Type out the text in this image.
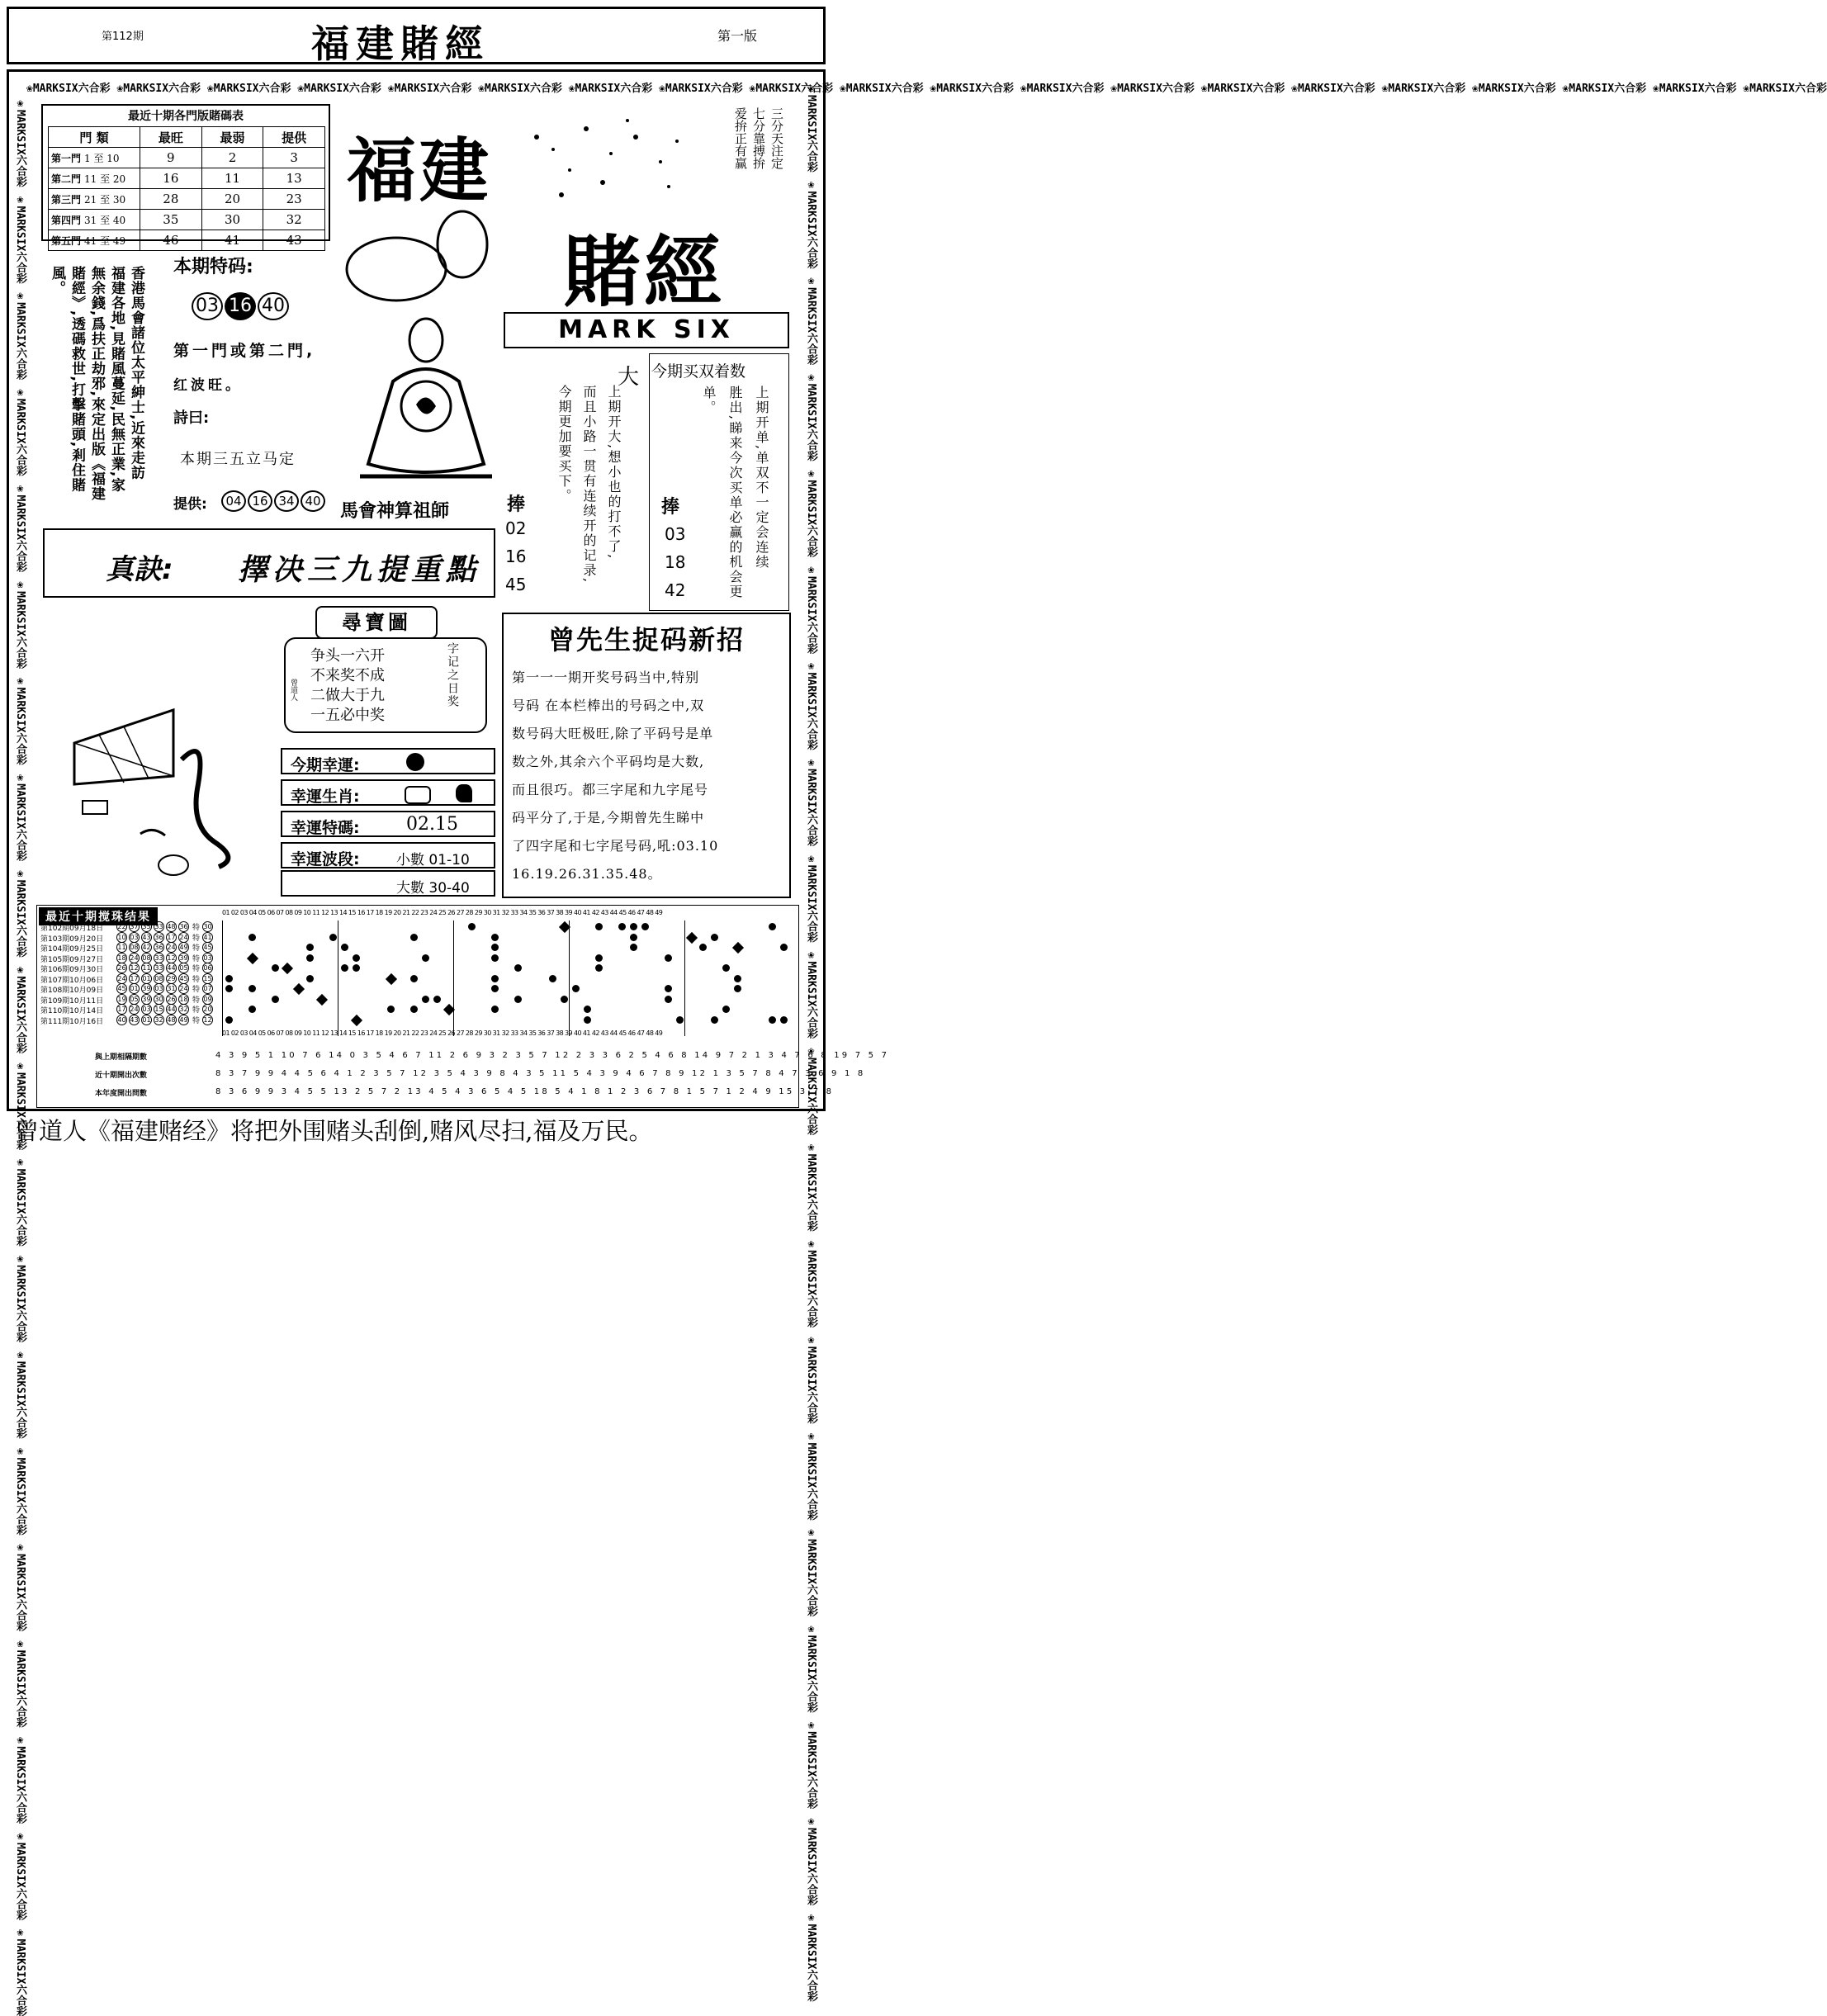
第112期	福建賭經	第一版
❀MARKSIX六合彩 ❀MARKSIX六合彩 ❀MARKSIX六合彩 ❀MARKSIX六合彩 ❀MARKSIX六合彩 ❀MARKSIX六合彩 ❀MARKSIX六合彩 ❀MARKSIX六合彩 ❀MARKSIX六合彩 ❀MARKSIX六合彩 ❀MARKSIX六合彩 ❀MARKSIX六合彩 ❀MARKSIX六合彩 ❀MARKSIX六合彩 ❀MARKSIX六合彩 ❀MARKSIX六合彩 ❀MARKSIX六合彩 ❀MARKSIX六合彩 ❀MARKSIX六合彩 ❀MARKSIX六合彩
❀MARKSIX六合彩 ❀MARKSIX六合彩 ❀MARKSIX六合彩 ❀MARKSIX六合彩 ❀MARKSIX六合彩 ❀MARKSIX六合彩 ❀MARKSIX六合彩 ❀MARKSIX六合彩 ❀MARKSIX六合彩 ❀MARKSIX六合彩 ❀MARKSIX六合彩 ❀MARKSIX六合彩 ❀MARKSIX六合彩 ❀MARKSIX六合彩 ❀MARKSIX六合彩 ❀MARKSIX六合彩 ❀MARKSIX六合彩 ❀MARKSIX六合彩 ❀MARKSIX六合彩 ❀MARKSIX六合彩	❀MARKSIX六合彩 ❀MARKSIX六合彩 ❀MARKSIX六合彩 ❀MARKSIX六合彩 ❀MARKSIX六合彩 ❀MARKSIX六合彩 ❀MARKSIX六合彩 ❀MARKSIX六合彩 ❀MARKSIX六合彩 ❀MARKSIX六合彩 ❀MARKSIX六合彩 ❀MARKSIX六合彩 ❀MARKSIX六合彩 ❀MARKSIX六合彩 ❀MARKSIX六合彩 ❀MARKSIX六合彩 ❀MARKSIX六合彩 ❀MARKSIX六合彩 ❀MARKSIX六合彩 ❀MARKSIX六合彩
最近十期各門版賭碼表
門 類	最旺	最弱	提供
第一門 1 至 10	9	2	3
第二門 11 至 20	16	11	13
第三門 21 至 30	28	20	23
第四門 31 至 40	35	30	32
第五門 41 至 49	46	41	43
福建
賭經
三分天注定
七分靠搏拚
爱拚正有赢
香港馬會諸位太平紳士,近來走訪
福建各地,見賭風蔓延,民無正業,家
無余錢,爲扶正劫邪,來定出版《福建
賭經》,透碼救世,打擊賭頭,剎住賭
風。	本期特码:
03 16 40
第一門或第二門,
红波旺。
詩曰:
本期三五立马定
提供:	04 16 34 40	馬會神算祖師
MARK SIX
大
上期开大,想小也的打不了,
而且小路一贯有连续开的记录,
今期更加要买下。
捧
02
16
45
今期买双着数
上期开单,单双不一定会连续
胜出,睇来今次买单必赢的机会更
单。
捧
03
18
42
真訣: 擇决三九提重點
尋寶圖
争头一六开
不来奖不成
二做大于九
一五必中奖
字记之日奖
曾道人
今期幸運:
幸運生肖:
幸運特碼:	02.15
幸運波段:	小數 01-10
大數 30-40
曾先生捉码新招
第一一一期开奖号码当中,特别
号码 在本栏棒出的号码之中,双
数号码大旺极旺,除了平码号是单
数之外,其余六个平码均是大数,
而且很巧。都三字尾和九字尾号
码平分了,于是,今期曾先生睇中
了四字尾和七字尾号码,吼:03.10
16.19.26.31.35.48。
最近十期搅珠结果
第102期09月18日 22 37 35 33 48 36 特 30
第103期09月20日 10 03 43 36 17 24 特 41
第104期09月25日 11 08 42 36 24 49 特 45
第105期09月27日 18 24 08 33 12 39 特 03
第106期09月30日 26 12 11 33 44 05 特 06
第107期10月06日 24 17 01 08 29 45 特 15
第108期10月09日 45 01 39 03 31 24 特 07
第109期10月11日 19 05 39 30 26 18 特 09
第110期10月14日 17 24 03 15 44 32 特 20
第111期10月16日 40 43 01 32 48 49 特 12
01 02 03 04 05 06 07 08 09 10 11 12 13 14 15 16 17 18 19 20 21 22 23 24 25 26 27 28 29 30 31 32 33 34 35 36 37 38 39 40 41 42 43 44 45 46 47 48 49
01 02 03 04 05 06 07 08 09 10 11 12 13 14 15 16 17 18 19 20 21 22 23 24 25 26 27 28 29 30 31 32 33 34 35 36 37 38 39 40 41 42 43 44 45 46 47 48 49
與上期相隔期數	4 3 9 5 1 10 7 6 14 0 3 5 4 6 7 11 2 6 9 3 2 3 5 7 12 2 3 3 6 2 5 4 6 8 14 9 7 2 1 3 4 7 6 8 19 7 5 7
近十期開出次數	8 3 7 9 9 4 4 5 6 4 1 2 3 5 7 12 3 5 4 3 9 8 4 3 5 11 5 4 3 9 4 6 7 8 9 12 1 3 5 7 8 4 7 3 6 9 1 8
本年度開出問數	8 3 6 9 9 3 4 5 5 13 2 5 7 2 13 4 5 4 3 6 5 4 5 18 5 4 1 8 1 2 3 6 7 8 1 5 7 1 2 4 9 15 3 7 8
曾道人《福建赌经》将把外围赌头刮倒,赌风尽扫,福及万民。
